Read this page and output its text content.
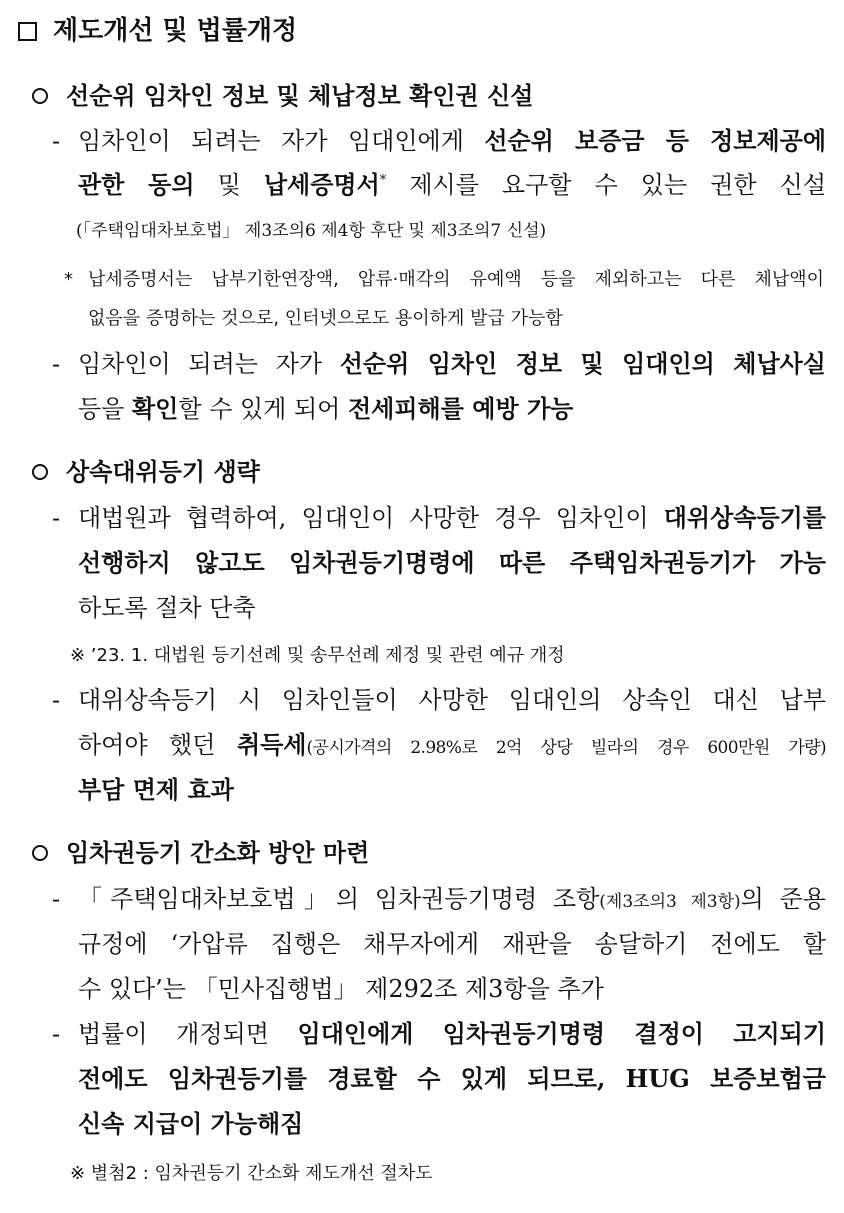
제도개선 및 법률개정
선순위 임차인 정보 및 체납정보 확인권 신설
- 임차인이 되려는 자가 임대인에게 선순위 보증금 등 정보제공에
관한 동의 및 납세증명서* 제시를 요구할 수 있는 권한 신설
(「주택임대차보호법」 제3조의6 제4항 후단 및 제3조의7 신설)
* 납세증명서는 납부기한연장액, 압류·매각의 유예액 등을 제외하고는 다른 체납액이
없음을 증명하는 것으로, 인터넷으로도 용이하게 발급 가능함
- 임차인이 되려는 자가 선순위 임차인 정보 및 임대인의 체납사실
등을 확인할 수 있게 되어 전세피해를 예방 가능
상속대위등기 생략
- 대법원과 협력하여, 임대인이 사망한 경우 임차인이 대위상속등기를
선행하지 않고도 임차권등기명령에 따른 주택임차권등기가 가능
하도록 절차 단축
※ ’23. 1. 대법원 등기선례 및 송무선례 제정 및 관련 예규 개정
- 대위상속등기 시 임차인들이 사망한 임대인의 상속인 대신 납부
하여야 했던 취득세(공시가격의 2.98%로 2억 상당 빌라의 경우 600만원 가량)
부담 면제 효과
임차권등기 간소화 방안 마련
- 「주택임대차보호법」의 임차권등기명령 조항(제3조의3 제3항)의 준용
규정에 ‘가압류 집행은 채무자에게 재판을 송달하기 전에도 할
수 있다’는 「민사집행법」 제292조 제3항을 추가
- 법률이 개정되면 임대인에게 임차권등기명령 결정이 고지되기
전에도 임차권등기를 경료할 수 있게 되므로, HUG 보증보험금
신속 지급이 가능해짐
※ 별첨2 : 임차권등기 간소화 제도개선 절차도
